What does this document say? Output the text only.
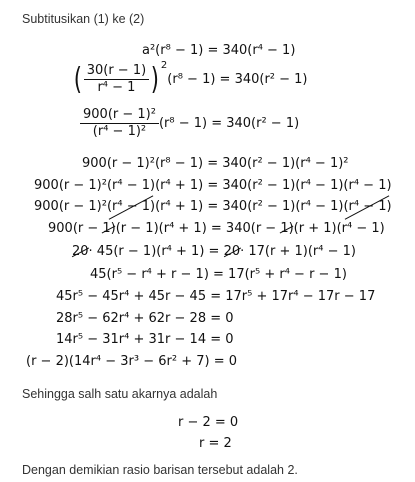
Subtitusikan (1) ke (2)
a²(r⁸ − 1) = 340(r⁴ − 1)
( $\frac{30(r - 1)}{\text{r⁴ − 1}}$ ) $^2$(r⁸ − 1) = 340(r² − 1)
$\frac{\text{900(r − 1)²}}{\text{(r⁴ − 1)²}} (r^8 - 1) = 340(r^2 - 1)$
900(r − 1)²(r⁸ − 1) = 340(r² − 1)(r⁴ − 1)²
900(r − 1)²(r⁴ − 1)(r⁴ + 1) = 340(r² − 1)(r⁴ − 1)(r⁴ − 1)
900(r − 1)²(r⁴ − 1)(r⁴ + 1) = 340(r² − 1)(r⁴ − 1)(r⁴ − 1)
900(r − 1)(r − 1)(r⁴ + 1) = 340(r − 1)(r + 1)(r⁴ − 1)
20· 45(r − 1)(r⁴ + 1) = 20· 17(r + 1)(r⁴ − 1)
45(r⁵ − r⁴ + r − 1) = 17(r⁵ + r⁴ − r − 1)
45r⁵ − 45r⁴ + 45r − 45 = 17r⁵ + 17r⁴ − 17r − 17
28r⁵ − 62r⁴ + 62r − 28 = 0
14r⁵ − 31r⁴ + 31r − 14 = 0
(r − 2)(14r⁴ − 3r³ − 6r² + 7) = 0
Sehingga salh satu akarnya adalah
r − 2 = 0
r = 2
Dengan demikian rasio barisan tersebut adalah 2.
